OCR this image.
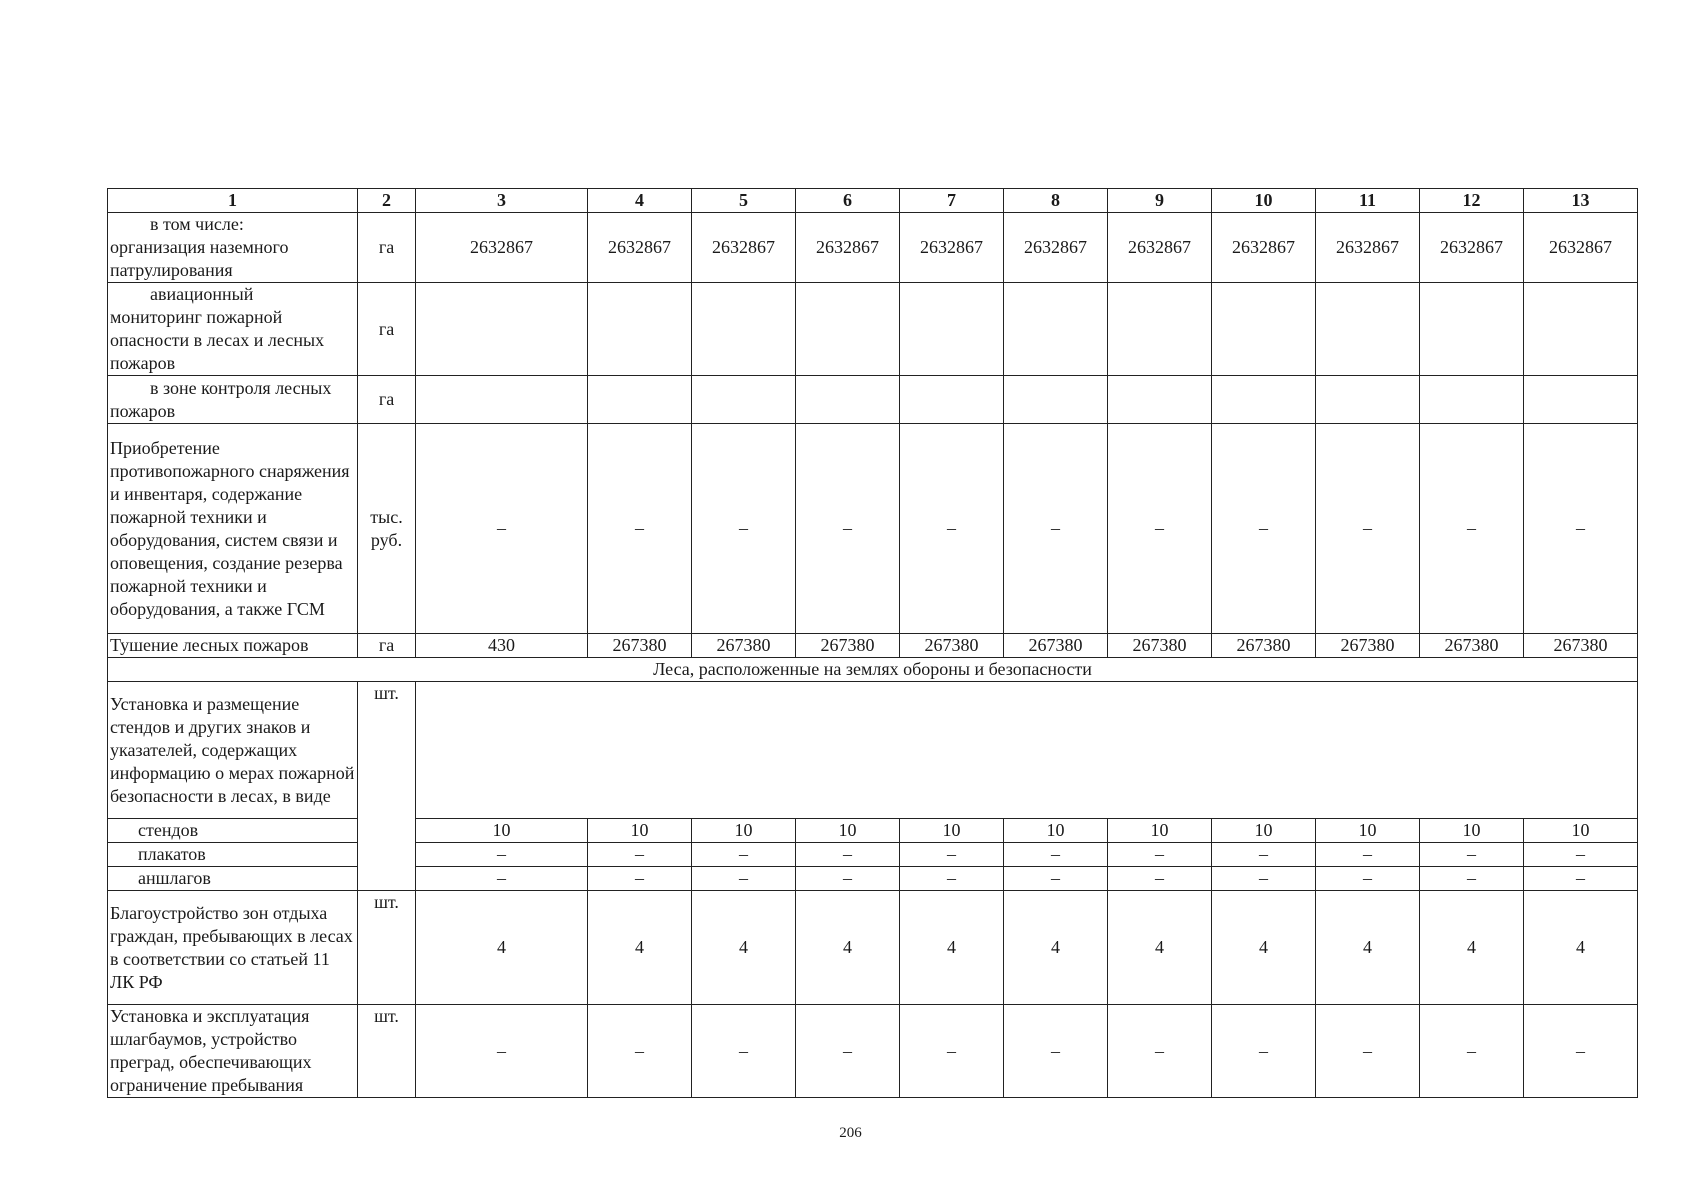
1	2	3	4	5	6	7	8	9	10	11	12	13

в том числе:
организация наземного патрулирования	га	2632867	2632867	2632867	2632867	2632867	2632867	2632867	2632867	2632867	2632867	2632867

авиационный
мониторинг пожарной опасности в лесах и лесных пожаров	га											

в зоне контроля лесных
пожаров	га											

Приобретение
противопожарного снаряжения и инвентаря, содержание пожарной техники и оборудования, систем связи и оповещения, создание резерва пожарной техники и оборудования, а также ГСМ	тыс. руб.	–	–	–	–	–	–	–	–	–	–	–
Тушение лесных пожаров	га	430	267380	267380	267380	267380	267380	267380	267380	267380	267380	267380
Леса, расположенные на землях обороны и безопасности												
Установка и размещение стендов и других знаков и указателей, содержащих информацию о мерах пожарной безопасности в лесах, в виде	шт.											
стендов		10	10	10	10	10	10	10	10	10	10	10
плакатов		–	–	–	–	–	–	–	–	–	–	–
аншлагов		–	–	–	–	–	–	–	–	–	–	–
Благоустройство зон отдыха граждан, пребывающих в лесах в соответствии со статьей 11 ЛК РФ	шт.	4	4	4	4	4	4	4	4	4	4	4
Установка и эксплуатация шлагбаумов, устройство преград, обеспечивающих ограничение пребывания	шт.	–	–	–	–	–	–	–	–	–	–	–
206
